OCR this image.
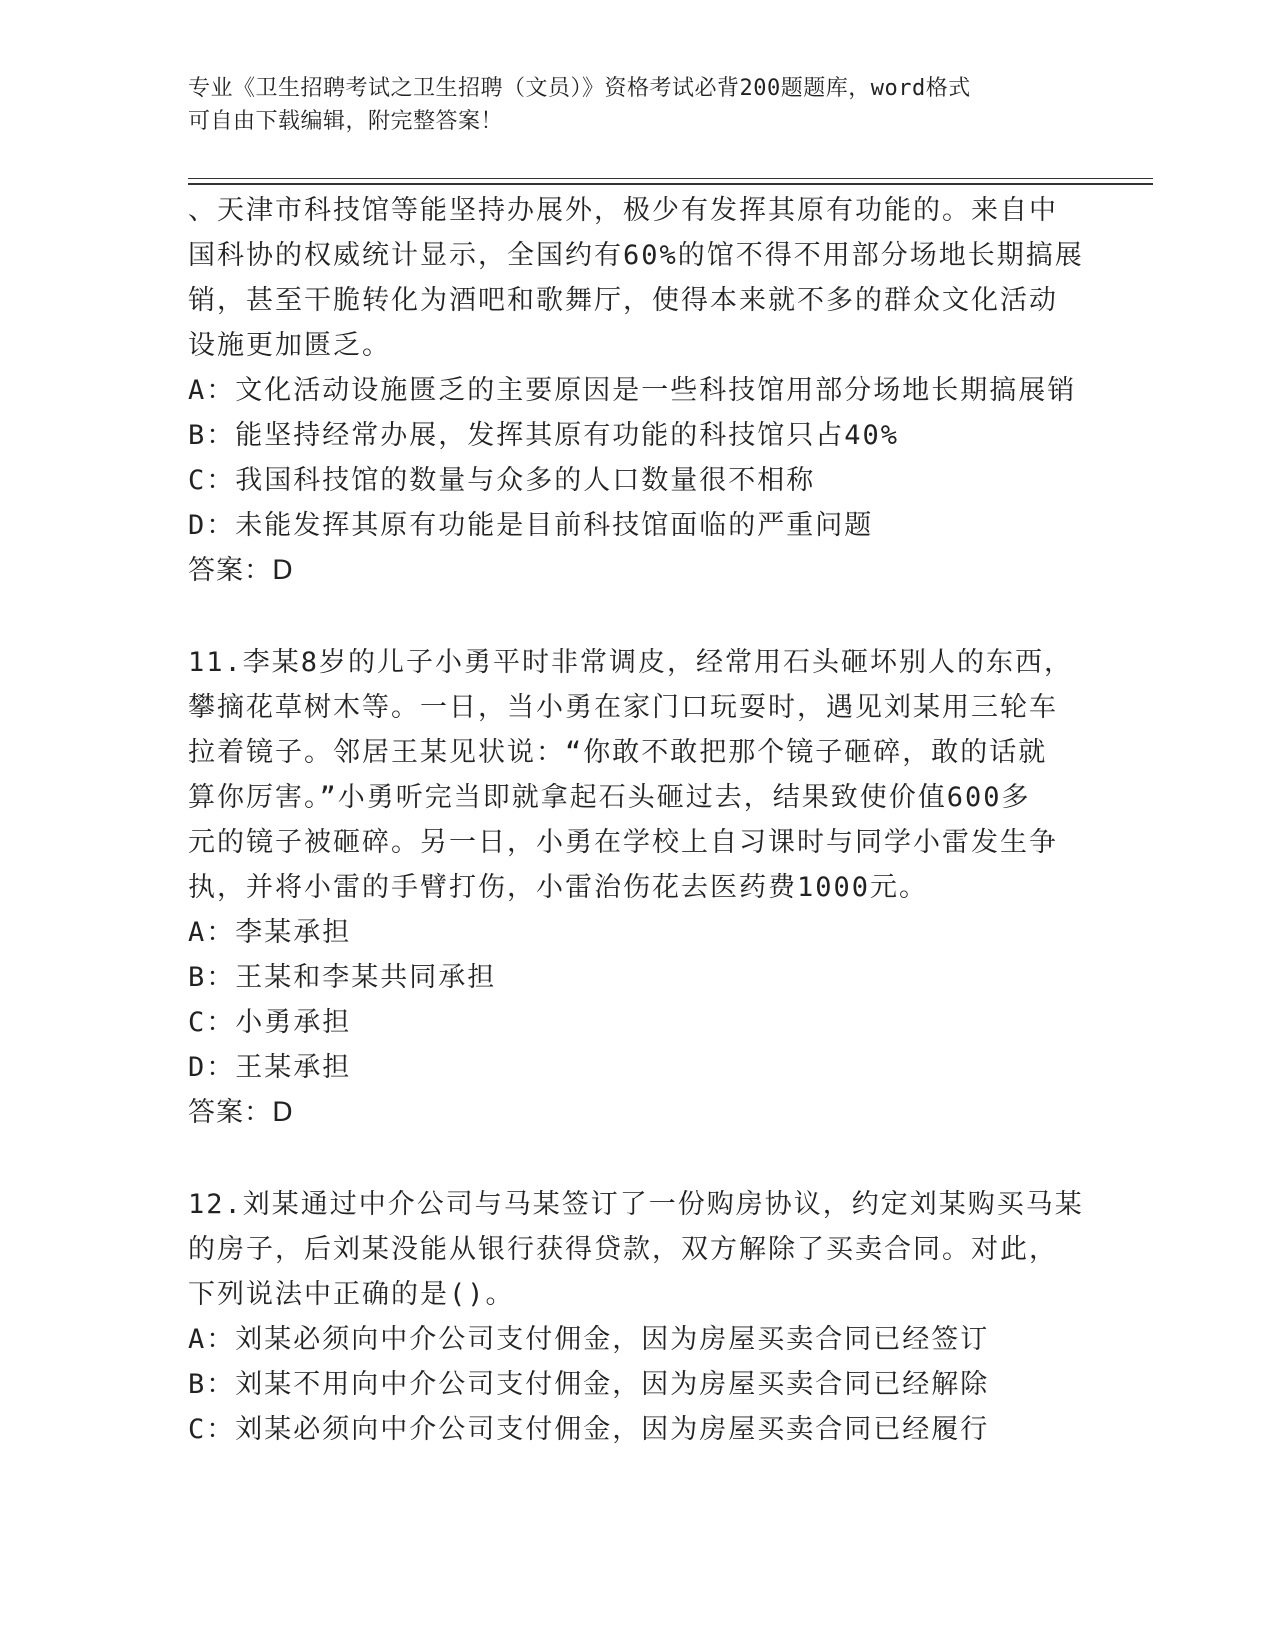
专业《卫生招聘考试之卫生招聘（文员）》资格考试必背200题题库，word格式
可自由下载编辑，附完整答案！
、天津市科技馆等能坚持办展外，极少有发挥其原有功能的。来自中
国科协的权威统计显示，全国约有60%的馆不得不用部分场地长期搞展
销，甚至干脆转化为酒吧和歌舞厅，使得本来就不多的群众文化活动
设施更加匮乏。
A：文化活动设施匮乏的主要原因是一些科技馆用部分场地长期搞展销
B：能坚持经常办展，发挥其原有功能的科技馆只占40%
C：我国科技馆的数量与众多的人口数量很不相称
D：未能发挥其原有功能是目前科技馆面临的严重问题
答案：D
11.李某8岁的儿子小勇平时非常调皮，经常用石头砸坏别人的东西，
攀摘花草树木等。一日，当小勇在家门口玩耍时，遇见刘某用三轮车
拉着镜子。邻居王某见状说：“你敢不敢把那个镜子砸碎，敢的话就
算你厉害。”小勇听完当即就拿起石头砸过去，结果致使价值600多
元的镜子被砸碎。另一日，小勇在学校上自习课时与同学小雷发生争
执，并将小雷的手臂打伤，小雷治伤花去医药费1000元。
A：李某承担
B：王某和李某共同承担
C：小勇承担
D：王某承担
答案：D
12.刘某通过中介公司与马某签订了一份购房协议，约定刘某购买马某
的房子，后刘某没能从银行获得贷款，双方解除了买卖合同。对此，
下列说法中正确的是()。
A：刘某必须向中介公司支付佣金，因为房屋买卖合同已经签订
B：刘某不用向中介公司支付佣金，因为房屋买卖合同已经解除
C：刘某必须向中介公司支付佣金，因为房屋买卖合同已经履行
